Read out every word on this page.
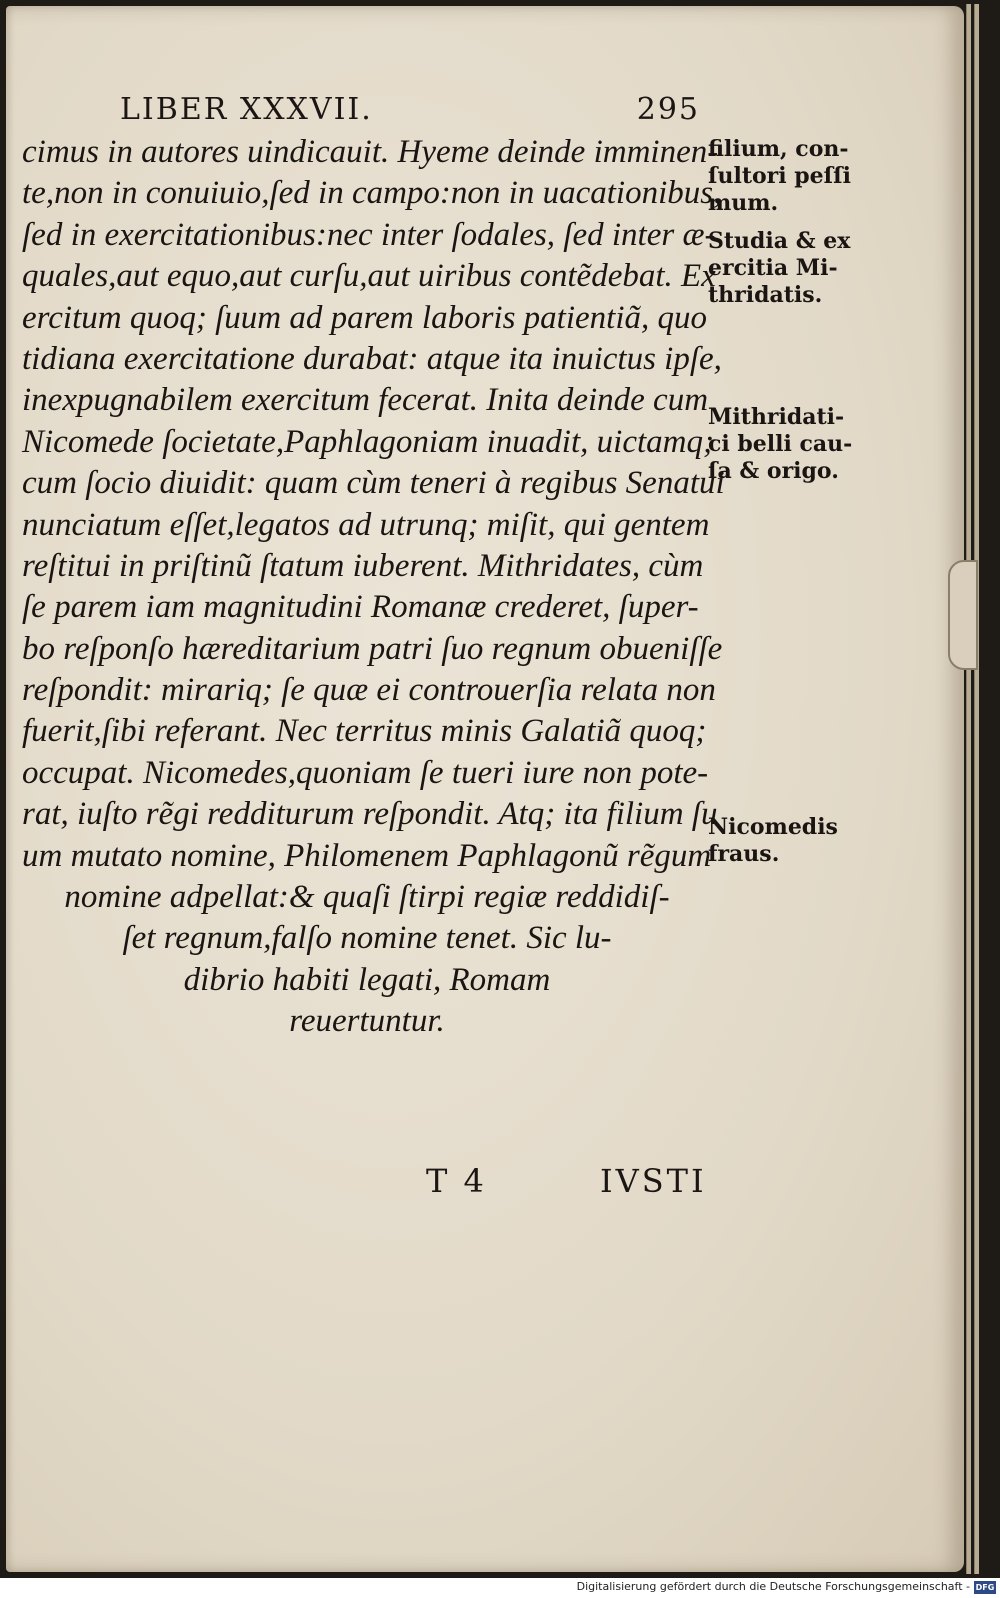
LIBER XXXVII.	295
cimus in autores uindicauit. Hyeme deinde imminen-
te,non in conuiuio,ſed in campo:non in uacationibus,
ſed in exercitationibus:nec inter ſodales, ſed inter æ-
quales,aut equo,aut curſu,aut uiribus contẽdebat. Ex
ercitum quoq; ſuum ad parem laboris patientiã, quo
tidiana exercitatione durabat: atque ita inuictus ipſe,
inexpugnabilem exercitum fecerat. Inita deinde cum
Nicomede ſocietate,Paphlagoniam inuadit, uictamq;
cum ſocio diuidit: quam cùm teneri à regibus Senatui
nunciatum eſſet,legatos ad utrunq; miſit, qui gentem
reſtitui in priſtinũ ſtatum iuberent. Mithridates, cùm
ſe parem iam magnitudini Romanæ crederet, ſuper-
bo reſponſo hæreditarium patri ſuo regnum obueniſſe
reſpondit: mirariq; ſe quæ ei controuerſia relata non
fuerit,ſibi referant. Nec territus minis Galatiã quoq;
occupat. Nicomedes,quoniam ſe tueri iure non pote-
rat, iuſto rẽgi redditurum reſpondit. Atq; ita filium ſu
um mutato nomine, Philomenem Paphlagonũ rẽgum
nomine adpellat:& quaſi ſtirpi regiæ reddidiſ-
ſet regnum,falſo nomine tenet. Sic lu-
dibrio habiti legati, Romam
reuertuntur.
filium, con-
ſultori peſſi
mum.
Studia & ex
ercitia Mi-
thridatis.
Mithridati-
ci belli cau-
ſa & origo.
Nicomedis
fraus.
T 4	IVSTI
Digitalisierung gefördert durch die Deutsche Forschungsgemeinschaft - DFG
